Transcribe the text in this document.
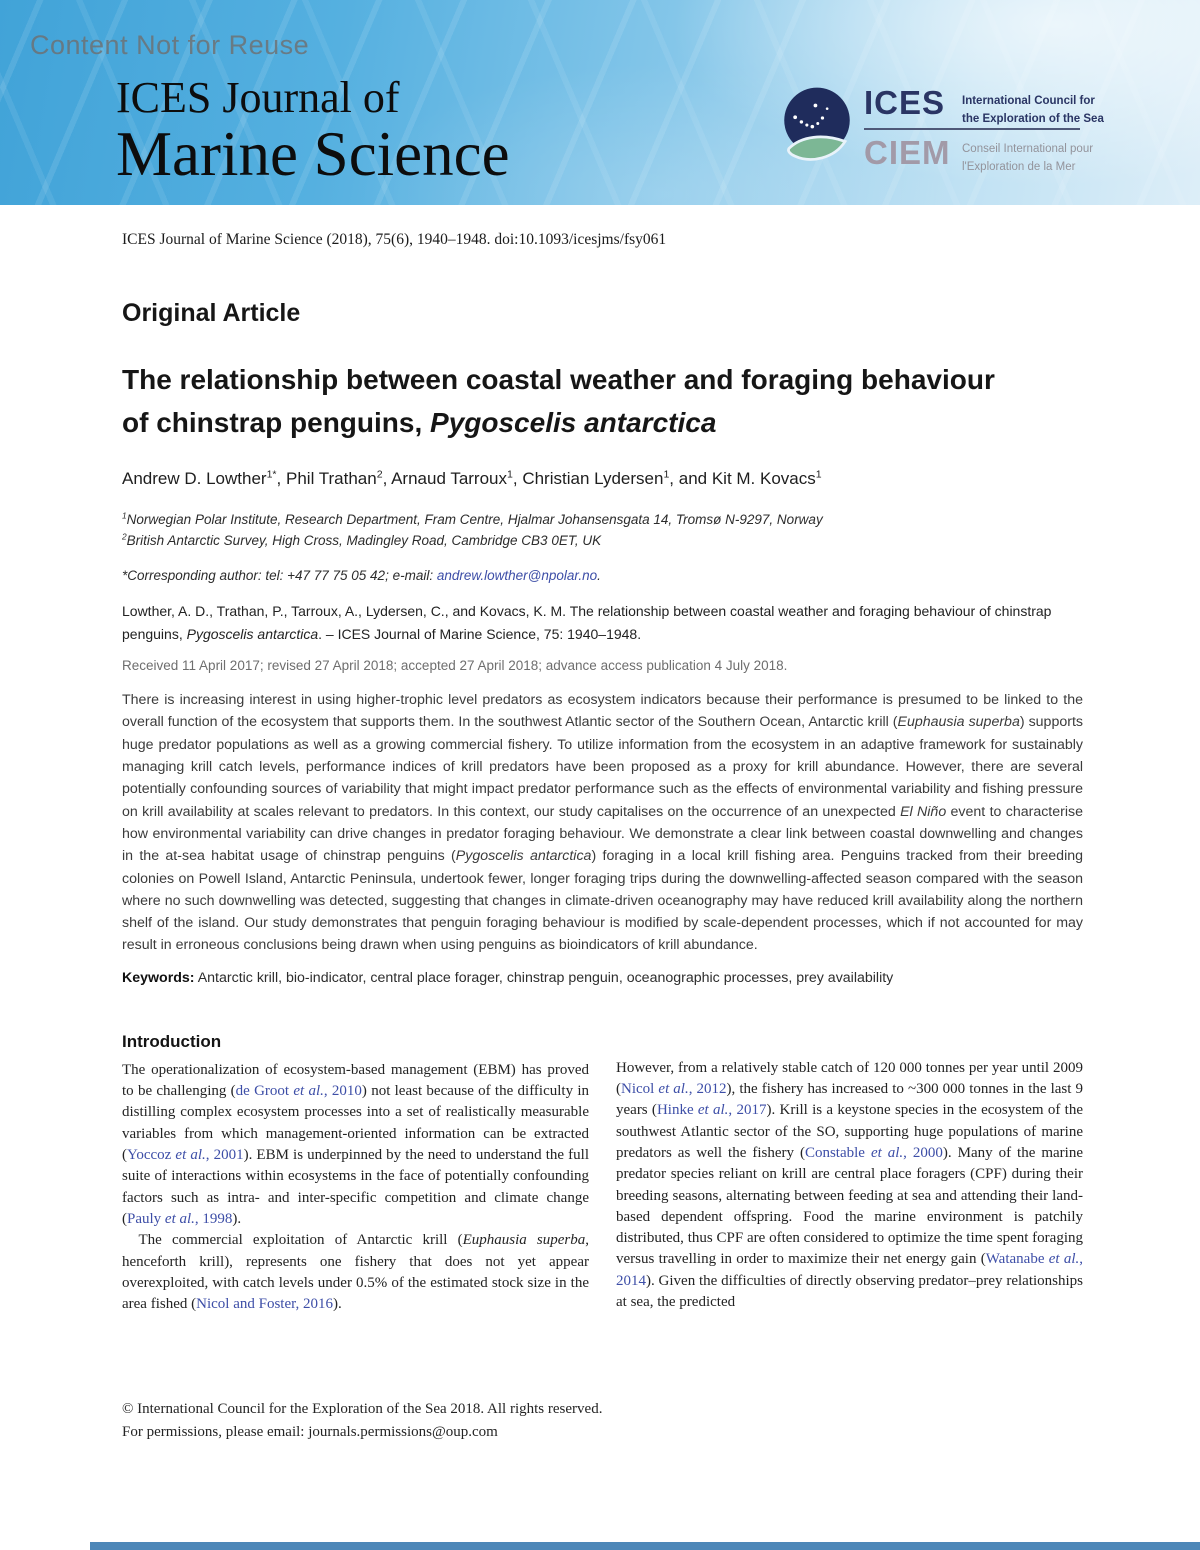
Content Not for Reuse
ICES Journal of
Marine Science
ICES
CIEM
International Council for
the Exploration of the Sea
Conseil International pour
l'Exploration de la Mer

ICES Journal of Marine Science (2018), 75(6), 1940–1948. doi:10.1093/icesjms/fsy061

Original Article
The relationship between coastal weather and foraging behaviour of chinstrap penguins, Pygoscelis antarctica

Andrew D. Lowther$^{1*}$, Phil Trathan$^2$, Arnaud Tarroux$^1$, Christian Lydersen$^1$, and Kit M. Kovacs$^1$

$^1$Norwegian Polar Institute, Research Department, Fram Centre, Hjalmar Johansensgata 14, Tromsø N-9297, Norway

$^2$British Antarctic Survey, High Cross, Madingley Road, Cambridge CB3 0ET, UK

*Corresponding author: tel: +47 77 75 05 42; e-mail: andrew.lowther@npolar.no.

Lowther, A. D., Trathan, P., Tarroux, A., Lydersen, C., and Kovacs, K. M. The relationship between coastal weather and foraging behaviour of chinstrap penguins, Pygoscelis antarctica. – ICES Journal of Marine Science, 75: 1940–1948.

Received 11 April 2017; revised 27 April 2018; accepted 27 April 2018; advance access publication 4 July 2018.

There is increasing interest in using higher-trophic level predators as ecosystem indicators because their performance is presumed to be linked to the overall function of the ecosystem that supports them. In the southwest Atlantic sector of the Southern Ocean, Antarctic krill (Euphausia superba) supports huge predator populations as well as a growing commercial fishery. To utilize information from the ecosystem in an adaptive framework for sustainably managing krill catch levels, performance indices of krill predators have been proposed as a proxy for krill abundance. However, there are several potentially confounding sources of variability that might impact predator performance such as the effects of environmental variability and fishing pressure on krill availability at scales relevant to predators. In this context, our study capitalises on the occurrence of an unexpected El Niño event to characterise how environmental variability can drive changes in predator foraging behaviour. We demonstrate a clear link between coastal downwelling and changes in the at-sea habitat usage of chinstrap penguins (Pygoscelis antarctica) foraging in a local krill fishing area. Penguins tracked from their breeding colonies on Powell Island, Antarctic Peninsula, undertook fewer, longer foraging trips during the downwelling-affected season compared with the season where no such downwelling was detected, suggesting that changes in climate-driven oceanography may have reduced krill availability along the northern shelf of the island. Our study demonstrates that penguin foraging behaviour is modified by scale-dependent processes, which if not accounted for may result in erroneous conclusions being drawn when using penguins as bioindicators of krill abundance.

Keywords: Antarctic krill, bio-indicator, central place forager, chinstrap penguin, oceanographic processes, prey availability

Introduction

The operationalization of ecosystem-based management (EBM) has proved to be challenging (de Groot et al., 2010) not least because of the difficulty in distilling complex ecosystem processes into a set of realistically measurable variables from which management-oriented information can be extracted (Yoccoz et al., 2001). EBM is underpinned by the need to understand the full suite of interactions within ecosystems in the face of potentially confounding factors such as intra- and inter-specific competition and climate change (Pauly et al., 1998).

The commercial exploitation of Antarctic krill (Euphausia superba, henceforth krill), represents one fishery that does not yet appear overexploited, with catch levels under 0.5% of the estimated stock size in the area fished (Nicol and Foster, 2016).

However, from a relatively stable catch of 120 000 tonnes per year until 2009 (Nicol et al., 2012), the fishery has increased to ~300 000 tonnes in the last 9 years (Hinke et al., 2017). Krill is a keystone species in the ecosystem of the southwest Atlantic sector of the SO, supporting huge populations of marine predators as well the fishery (Constable et al., 2000). Many of the marine predator species reliant on krill are central place foragers (CPF) during their breeding seasons, alternating between feeding at sea and attending their land-based dependent offspring. Food the marine environment is patchily distributed, thus CPF are often considered to optimize the time spent foraging versus travelling in order to maximize their net energy gain (Watanabe et al., 2014). Given the difficulties of directly observing predator–prey relationships at sea, the predicted

© International Council for the Exploration of the Sea 2018. All rights reserved.

For permissions, please email: journals.permissions@oup.com
